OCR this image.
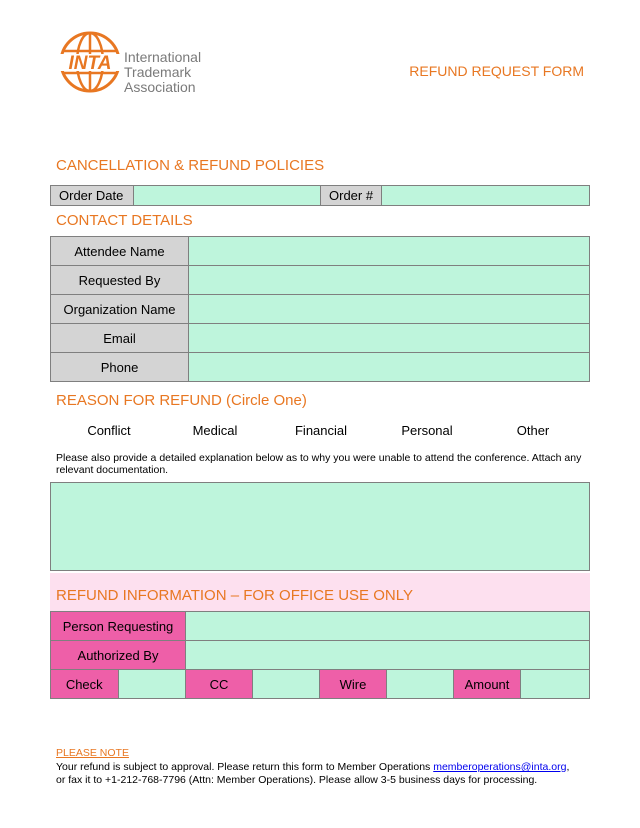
INTA International
Trademark
Association
REFUND REQUEST FORM
CANCELLATION & REFUND POLICIES
Order Date		Order #	
CONTACT DETAILS
Attendee Name	
Requested By	
Organization Name	
Email	
Phone	
REASON FOR REFUND (Circle One)
Conflict	Medical	Financial	Personal	Other
Please also provide a detailed explanation below as to why you were unable to attend the conference. Attach any relevant documentation.
REFUND INFORMATION – FOR OFFICE USE ONLY
Person Requesting							
Authorized By							
Check		CC		Wire		Amount	
PLEASE NOTE
Your refund is subject to approval. Please return this form to Member Operations memberoperations@inta.org,
or fax it to +1-212-768-7796 (Attn: Member Operations). Please allow 3-5 business days for processing.
